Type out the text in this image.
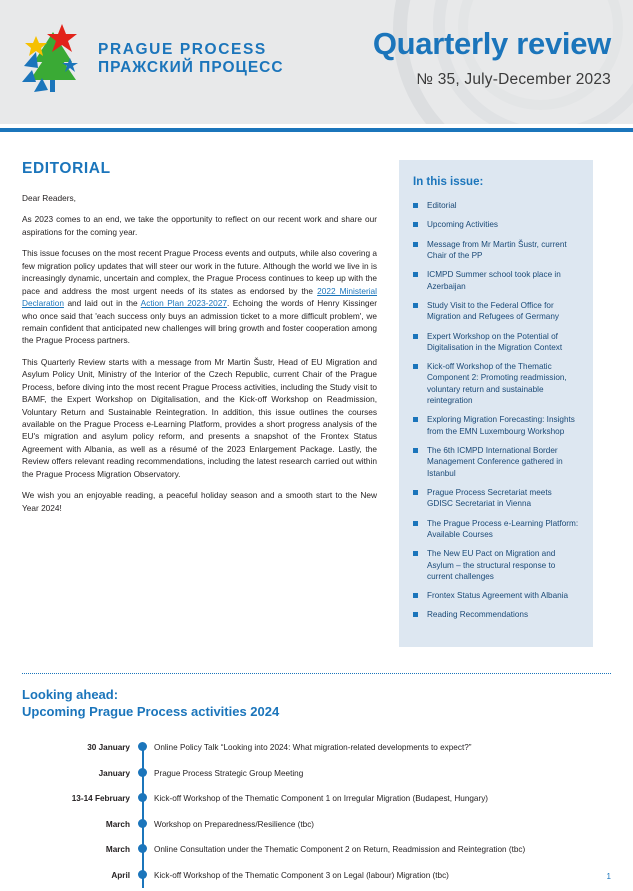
PRAGUE PROCESS
ПРАЖСКИЙ ПРОЦЕСС
Quarterly review
№ 35, July-December 2023
EDITORIAL

Dear Readers,

As 2023 comes to an end, we take the opportunity to reflect on our recent work and share our aspirations for the coming year.

This issue focuses on the most recent Prague Process events and outputs, while also covering a few migration policy updates that will steer our work in the future. Although the world we live in is increasingly dynamic, uncertain and complex, the Prague Process continues to keep up with the pace and address the most urgent needs of its states as endorsed by the 2022 Ministerial Declaration and laid out in the Action Plan 2023-2027. Echoing the words of Henry Kissinger who once said that 'each success only buys an admission ticket to a more difficult problem', we remain confident that anticipated new challenges will bring growth and foster cooperation among the Prague Process partners.

This Quarterly Review starts with a message from Mr Martin Šustr, Head of EU Migration and Asylum Policy Unit, Ministry of the Interior of the Czech Republic, current Chair of the Prague Process, before diving into the most recent Prague Process activities, including the Study visit to BAMF, the Expert Workshop on Digitalisation, and the Kick-off Workshop on Readmission, Voluntary Return and Sustainable Reintegration. In addition, this issue outlines the courses available on the Prague Process e-Learning Platform, provides a short progress analysis of the EU's migration and asylum policy reform, and presents a snapshot of the Frontex Status Agreement with Albania, as well as a résumé of the 2023 Enlargement Package. Lastly, the Review offers relevant reading recommendations, including the latest research carried out within the Prague Process Migration Observatory.

We wish you an enjoyable reading, a peaceful holiday season and a smooth start to the New Year 2024!

In this issue:
Editorial
Upcoming Activities
Message from Mr Martin Šustr, current Chair of the PP
ICMPD Summer school took place in Azerbaijan
Study Visit to the Federal Office for Migration and Refugees of Germany
Expert Workshop on the Potential of Digitalisation in the Migration Context
Kick-off Workshop of the Thematic Component 2: Promoting readmission, voluntary return and sustainable reintegration
Exploring Migration Forecasting: Insights from the EMN Luxembourg Workshop
The 6th ICMPD International Border Management Conference gathered in Istanbul
Prague Process Secretariat meets GDISC Secretariat in Vienna
The Prague Process e-Learning Platform: Available Courses
The New EU Pact on Migration and Asylum – the structural response to current challenges
Frontex Status Agreement with Albania
Reading Recommendations
Looking ahead:
Upcoming Prague Process activities 2024
30 January	Online Policy Talk “Looking into 2024: What migration-related developments to expect?”
January	Prague Process Strategic Group Meeting
13-14 February	Kick-off Workshop of the Thematic Component 1 on Irregular Migration (Budapest, Hungary)
March	Workshop on Preparedness/Resilience (tbc)
March	Online Consultation under the Thematic Component 2 on Return, Readmission and Reintegration (tbc)
April	Kick-off Workshop of the Thematic Component 3 on Legal (labour) Migration (tbc)	1
